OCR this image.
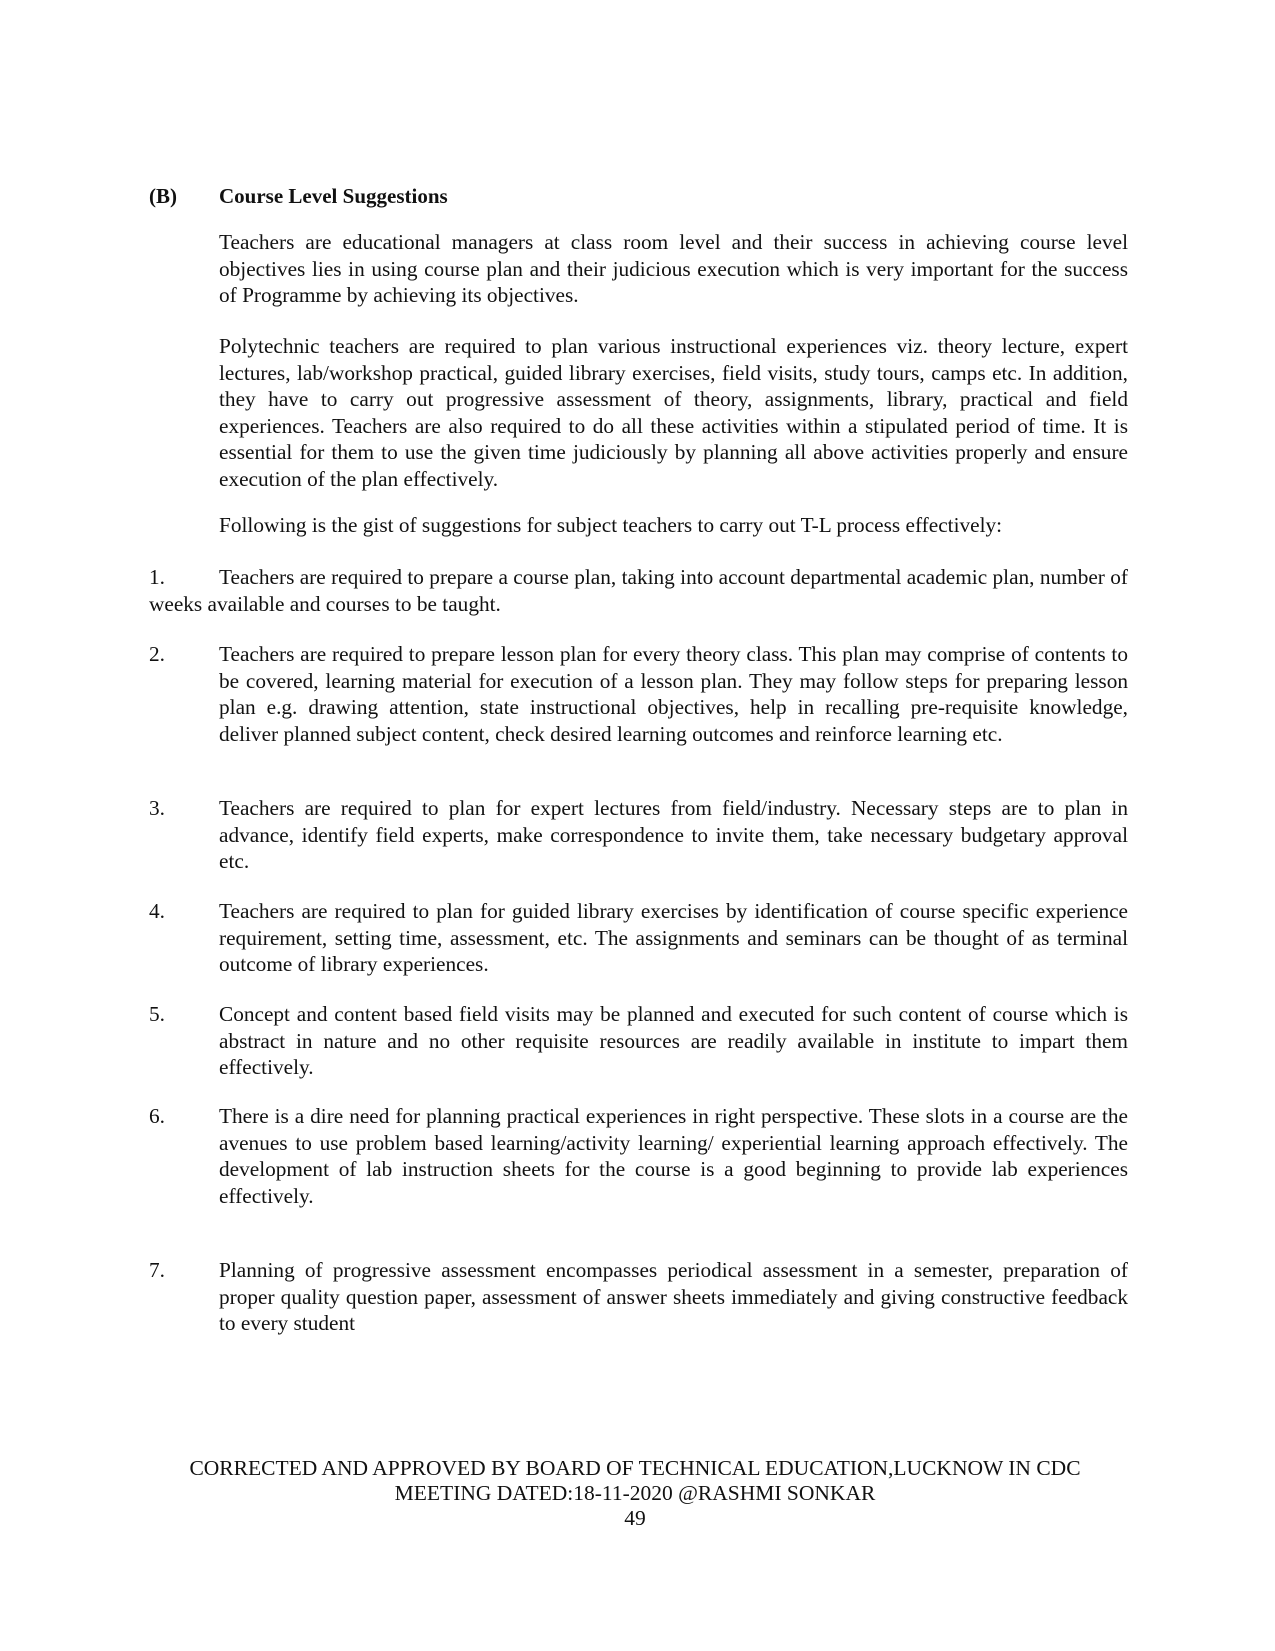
(B) Course Level Suggestions

Teachers are educational managers at class room level and their success in achieving course level objectives lies in using course plan and their judicious execution which is very important for the success of Programme by achieving its objectives.

Polytechnic teachers are required to plan various instructional experiences viz. theory lecture, expert lectures, lab/workshop practical, guided library exercises, field visits, study tours, camps etc. In addition, they have to carry out progressive assessment of theory, assignments, library, practical and field experiences. Teachers are also required to do all these activities within a stipulated period of time. It is essential for them to use the given time judiciously by planning all above activities properly and ensure execution of the plan effectively.

Following is the gist of suggestions for subject teachers to carry out T-L process effectively:

1.	Teachers are required to prepare a course plan, taking into account departmental academic plan, number of weeks available and courses to be taught.

2.	Teachers are required to prepare lesson plan for every theory class. This plan may comprise of contents to be covered, learning material for execution of a lesson plan. They may follow steps for preparing lesson plan e.g. drawing attention, state instructional objectives, help in recalling pre-requisite knowledge, deliver planned subject content, check desired learning outcomes and reinforce learning etc.

3.	Teachers are required to plan for expert lectures from field/industry. Necessary steps are to plan in advance, identify field experts, make correspondence to invite them, take necessary budgetary approval etc.

4.	Teachers are required to plan for guided library exercises by identification of course specific experience requirement, setting time, assessment, etc. The assignments and seminars can be thought of as terminal outcome of library experiences.

5.	Concept and content based field visits may be planned and executed for such content of course which is abstract in nature and no other requisite resources are readily available in institute to impart them effectively.

6.	There is a dire need for planning practical experiences in right perspective. These slots in a course are the avenues to use problem based learning/activity learning/ experiential learning approach effectively. The development of lab instruction sheets for the course is a good beginning to provide lab experiences effectively.

7.	Planning of progressive assessment encompasses periodical assessment in a semester, preparation of proper quality question paper, assessment of answer sheets immediately and giving constructive feedback to every student

CORRECTED AND APPROVED BY BOARD OF TECHNICAL EDUCATION,LUCKNOW IN CDC
MEETING DATED:18-11-2020 @RASHMI SONKAR
49
